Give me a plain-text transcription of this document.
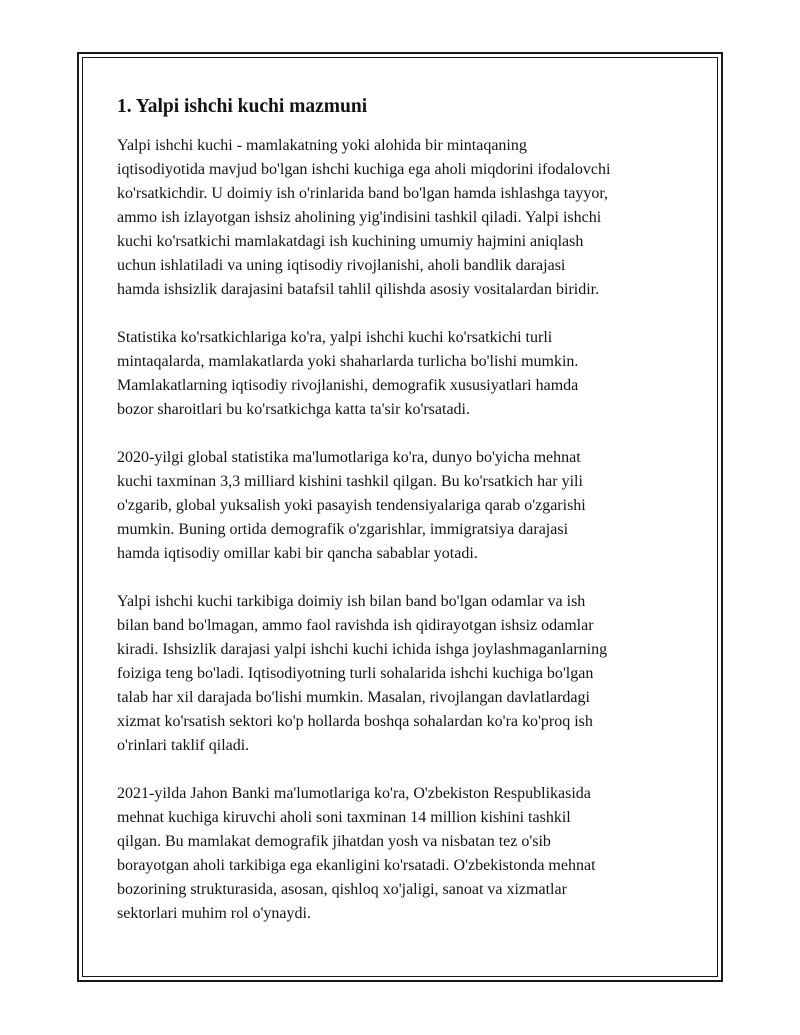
1. Yalpi ishchi kuchi mazmuni

Yalpi ishchi kuchi - mamlakatning yoki alohida bir mintaqaning
iqtisodiyotida mavjud bo'lgan ishchi kuchiga ega aholi miqdorini ifodalovchi
ko'rsatkichdir. U doimiy ish o'rinlarida band bo'lgan hamda ishlashga tayyor,
ammo ish izlayotgan ishsiz aholining yig'indisini tashkil qiladi. Yalpi ishchi
kuchi ko'rsatkichi mamlakatdagi ish kuchining umumiy hajmini aniqlash
uchun ishlatiladi va uning iqtisodiy rivojlanishi, aholi bandlik darajasi
hamda ishsizlik darajasini batafsil tahlil qilishda asosiy vositalardan biridir.

Statistika ko'rsatkichlariga ko'ra, yalpi ishchi kuchi ko'rsatkichi turli
mintaqalarda, mamlakatlarda yoki shaharlarda turlicha bo'lishi mumkin.
Mamlakatlarning iqtisodiy rivojlanishi, demografik xususiyatlari hamda
bozor sharoitlari bu ko'rsatkichga katta ta'sir ko'rsatadi.

2020-yilgi global statistika ma'lumotlariga ko'ra, dunyo bo'yicha mehnat
kuchi taxminan 3,3 milliard kishini tashkil qilgan. Bu ko'rsatkich har yili
o'zgarib, global yuksalish yoki pasayish tendensiyalariga qarab o'zgarishi
mumkin. Buning ortida demografik o'zgarishlar, immigratsiya darajasi
hamda iqtisodiy omillar kabi bir qancha sabablar yotadi.

Yalpi ishchi kuchi tarkibiga doimiy ish bilan band bo'lgan odamlar va ish
bilan band bo'lmagan, ammo faol ravishda ish qidirayotgan ishsiz odamlar
kiradi. Ishsizlik darajasi yalpi ishchi kuchi ichida ishga joylashmaganlarning
foiziga teng bo'ladi. Iqtisodiyotning turli sohalarida ishchi kuchiga bo'lgan
talab har xil darajada bo'lishi mumkin. Masalan, rivojlangan davlatlardagi
xizmat ko'rsatish sektori ko'p hollarda boshqa sohalardan ko'ra ko'proq ish
o'rinlari taklif qiladi.

2021-yilda Jahon Banki ma'lumotlariga ko'ra, O'zbekiston Respublikasida
mehnat kuchiga kiruvchi aholi soni taxminan 14 million kishini tashkil
qilgan. Bu mamlakat demografik jihatdan yosh va nisbatan tez o'sib
borayotgan aholi tarkibiga ega ekanligini ko'rsatadi. O'zbekistonda mehnat
bozorining strukturasida, asosan, qishloq xo'jaligi, sanoat va xizmatlar
sektorlari muhim rol o'ynaydi.
